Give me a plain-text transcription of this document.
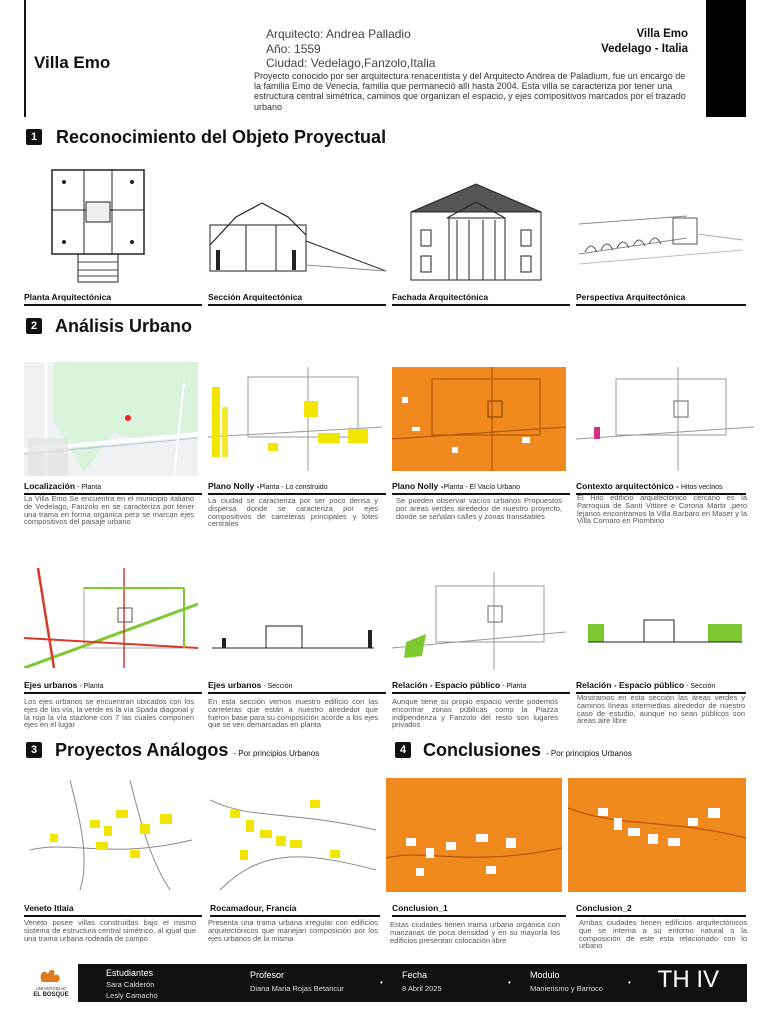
Villa Emo
Arquitecto: Andrea Palladio
Año: 1559
Ciudad: Vedelago,Fanzolo,Italia
Villa Emo
Vedelago - Italia
Proyecto conocido por ser arquitectura renacentista y del Arquitecto Andrea de Paladium, fue un encargo de la familia Emo de Venecia, familia que permaneció allí hasta 2004. Esta villa se caracteriza por tener una estructura central simétrica, caminos que organizan el espacio, y ejes compositivos marcados por el trazado urbano
1 Reconocimiento del Objeto Proyectual
Planta Arquitectónica	Sección Arquitectónica	Fachada Arquitectónica	Perspectiva Arquitectónica
2 Análisis Urbano
Localización - Planta	Plano Nolly -Planta - Lo construido	Plano Nolly -Planta - El Vacío Urbano	Contexto arquitectónico - Hitos vecinos
La Villa Emo Se encuentra en el municipio italiano de Vedelago, Fanzolo en se caracteriza por tener una trama en forma organica pero se marcan ejes compositivos del paisaje urbano
La ciudad se caracteriza por ser poco densa y dispersa donde se caracteriza por ejes compositivos de carreteras principales y lotes centrales
Se pueden observar vacíos urbanos Propuestos por áreas verdes alrededor de nuestro proyecto, donde se señalan calles y zonas transitables
El Hito edificio arquitectónico cercano es la Parroquia de Santi Vittore e Corona Martir ,pero lejanos encontramos la Villa Barbaro en Maser y la Villa Cornaro en Piombino
Ejes urbanos - Planta	Ejes urbanos - Sección	Relación - Espacio público - Planta	Relación - Espacio público - Sección
Los ejes urbanos se encuentran ubicados con los ejes de las vía, la verde es la vía Spada diagonal y la roja la vía stazione con 7 las cuales componen ejes en el lugar
En esta sección vemos nuestro edificio con las carreteras que están a nuestro alrededor que fueron base para su composición acorde a los ejes que se ven demarcadas en planta
Aunque tiene su propio espacio verde podemos encontrar zonas públicas como la Piazza indipendenza y Fanzolo del resto son lugares privados
Mostramos en esta sección las áreas verdes y caminos líneas intermedias alrededor de nuestro caso de estudio, aunque no sean públicos son áreas aire libre
3 Proyectos Análogos - Por principios Urbanos	4 Conclusiones - Por principios Urbanos
Veneto Itlaia	Rocamadour, Francia	Conclusion_1	Conclusion_2
Veneto posee villas construidas bajo el mismo sistema de estructura central simétrico, al igual que una trama urbana rodeada de campo
Presenta una trama urbana irregular con edificios arquitectónicos que manejan composición por los ejes urbanos de la misma
Estas ciudades tienen trama urbana orgánica con manzanas de poca densidad y en su mayoría los edificios presentan colocación libre
Ambas ciudades tienen edificios arquitectónicos que se interna a su entorno natural o la composición de este esta relacionado con lo urbano
Estudiantes
Sara Calderón
Lesly Camacho
Profesor
Diana Maria Rojas Betancur
•
Fecha
8 Abril 2025
•
Modulo
Manierismo y Barroco
• TH IV
UNIVERSIDAD
EL BOSQUE
